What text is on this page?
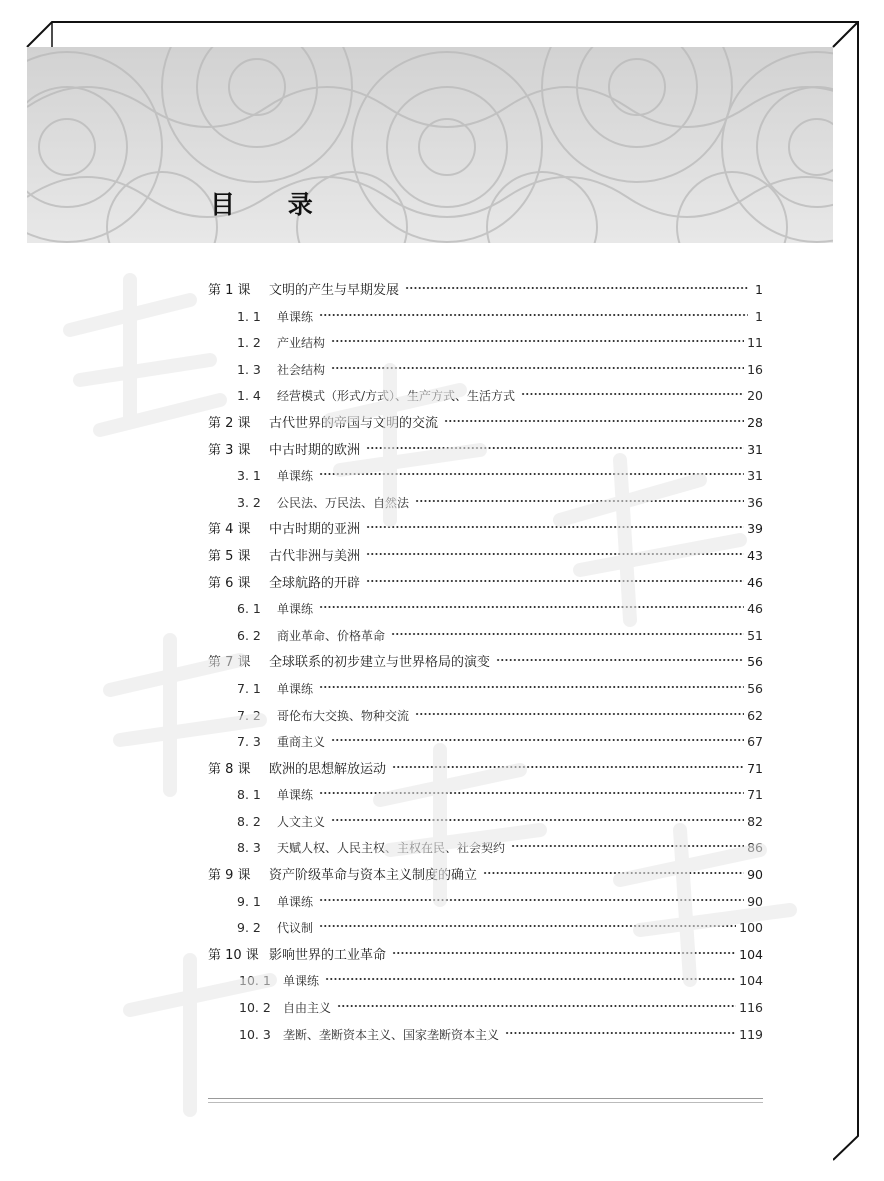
目 录
第 1 课	文明的产生与早期发展	1
1. 1	单课练	1
1. 2	产业结构	11
1. 3	社会结构	16
1. 4	经营模式（形式/方式）、生产方式、生活方式	20
第 2 课	古代世界的帝国与文明的交流	28
第 3 课	中古时期的欧洲	31
3. 1	单课练	31
3. 2	公民法、万民法、自然法	36
第 4 课	中古时期的亚洲	39
第 5 课	古代非洲与美洲	43
第 6 课	全球航路的开辟	46
6. 1	单课练	46
6. 2	商业革命、价格革命	51
第 7 课	全球联系的初步建立与世界格局的演变	56
7. 1	单课练	56
7. 2	哥伦布大交换、物种交流	62
7. 3	重商主义	67
第 8 课	欧洲的思想解放运动	71
8. 1	单课练	71
8. 2	人文主义	82
8. 3	天赋人权、人民主权、主权在民、社会契约	86
第 9 课	资产阶级革命与资本主义制度的确立	90
9. 1	单课练	90
9. 2	代议制	100
第 10 课 影响世界的工业革命	104
10. 1	单课练	104
10. 2	自由主义	116
10. 3	垄断、垄断资本主义、国家垄断资本主义	119
